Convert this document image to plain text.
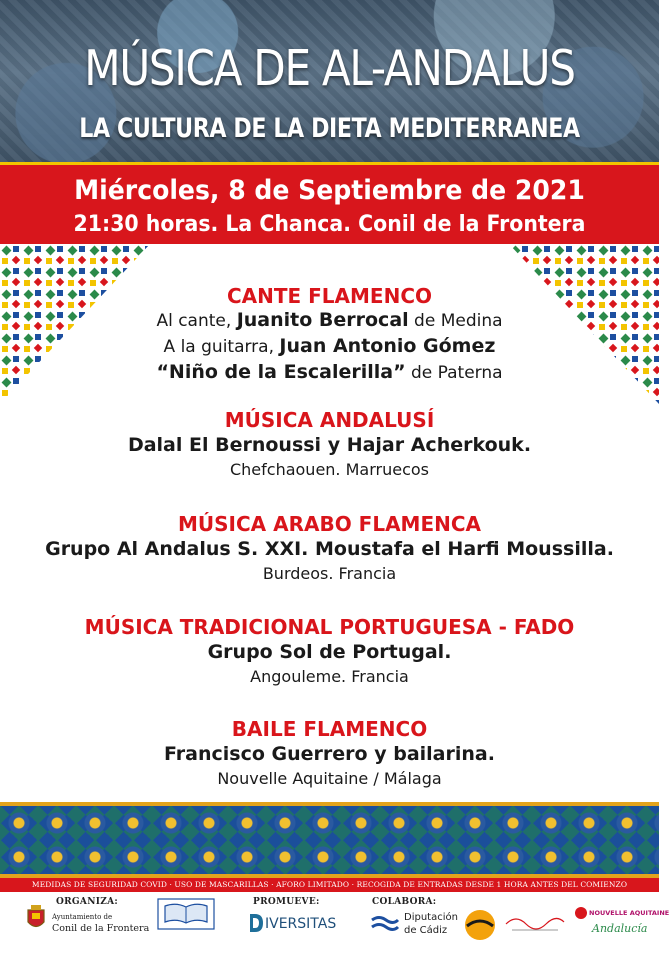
MÚSICA DE AL-ANDALUS
LA CULTURA DE LA DIETA MEDITERRANEA
Miércoles, 8 de Septiembre de 2021
21:30 horas. La Chanca. Conil de la Frontera
CANTE FLAMENCO
Al cante, Juanito Berrocal de Medina
A la guitarra, Juan Antonio Gómez
“Niño de la Escalerilla” de Paterna
MÚSICA ANDALUSÍ
Dalal El Bernoussi y Hajar Acherkouk.
Chefchaouen. Marruecos
MÚSICA ARABO FLAMENCA
Grupo Al Andalus S. XXI. Moustafa el Harfi Moussilla.
Burdeos. Francia
MÚSICA TRADICIONAL PORTUGUESA - FADO
Grupo Sol de Portugal.
Angouleme. Francia
BAILE FLAMENCO
Francisco Guerrero y bailarina.
Nouvelle Aquitaine / Málaga
MEDIDAS DE SEGURIDAD COVID · USO DE MASCARILLAS · AFORO LIMITADO · RECOGIDA DE ENTRADAS DESDE 1 HORA ANTES DEL COMIENZO
ORGANIZA:
Ayuntamiento de
Conil de la Frontera
PROMUEVE:
IVERSITAS
COLABORA:
Diputación
de Cádiz
NOUVELLE AQUITAINE
Andalucía
